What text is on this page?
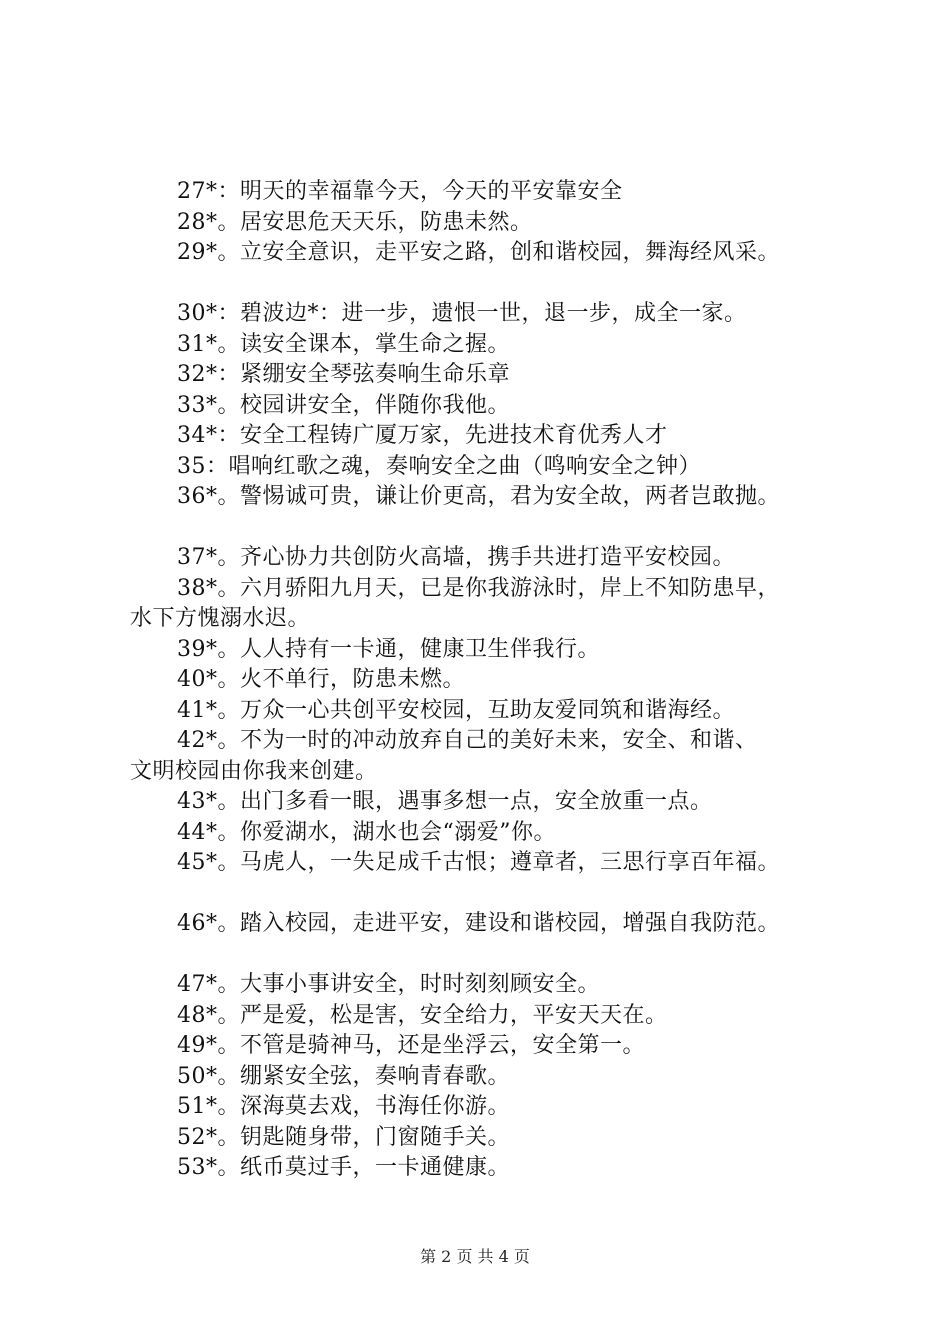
27*：明天的幸福靠今天，今天的平安靠安全
28*。居安思危天天乐，防患未然。
29*。立安全意识，走平安之路，创和谐校园，舞海经风采。
30*：碧波边*：进一步，遗恨一世，退一步，成全一家。
31*。读安全课本，掌生命之握。
32*：紧绷安全琴弦奏响生命乐章
33*。校园讲安全，伴随你我他。
34*：安全工程铸广厦万家，先进技术育优秀人才
35：唱响红歌之魂，奏响安全之曲（鸣响安全之钟）
36*。警惕诚可贵，谦让价更高，君为安全故，两者岂敢抛。
37*。齐心协力共创防火高墙，携手共进打造平安校园。
38*。六月骄阳九月天，已是你我游泳时，岸上不知防患早，
水下方愧溺水迟。
39*。人人持有一卡通，健康卫生伴我行。
40*。火不单行，防患未燃。
41*。万众一心共创平安校园，互助友爱同筑和谐海经。
42*。不为一时的冲动放弃自己的美好未来，安全、和谐、
文明校园由你我来创建。
43*。出门多看一眼，遇事多想一点，安全放重一点。
44*。你爱湖水，湖水也会“溺爱”你。
45*。马虎人，一失足成千古恨；遵章者，三思行享百年福。
46*。踏入校园，走进平安，建设和谐校园，增强自我防范。
47*。大事小事讲安全，时时刻刻顾安全。
48*。严是爱，松是害，安全给力，平安天天在。
49*。不管是骑神马，还是坐浮云，安全第一。
50*。绷紧安全弦，奏响青春歌。
51*。深海莫去戏，书海任你游。
52*。钥匙随身带，门窗随手关。
53*。纸币莫过手，一卡通健康。
第 2 页 共 4 页
